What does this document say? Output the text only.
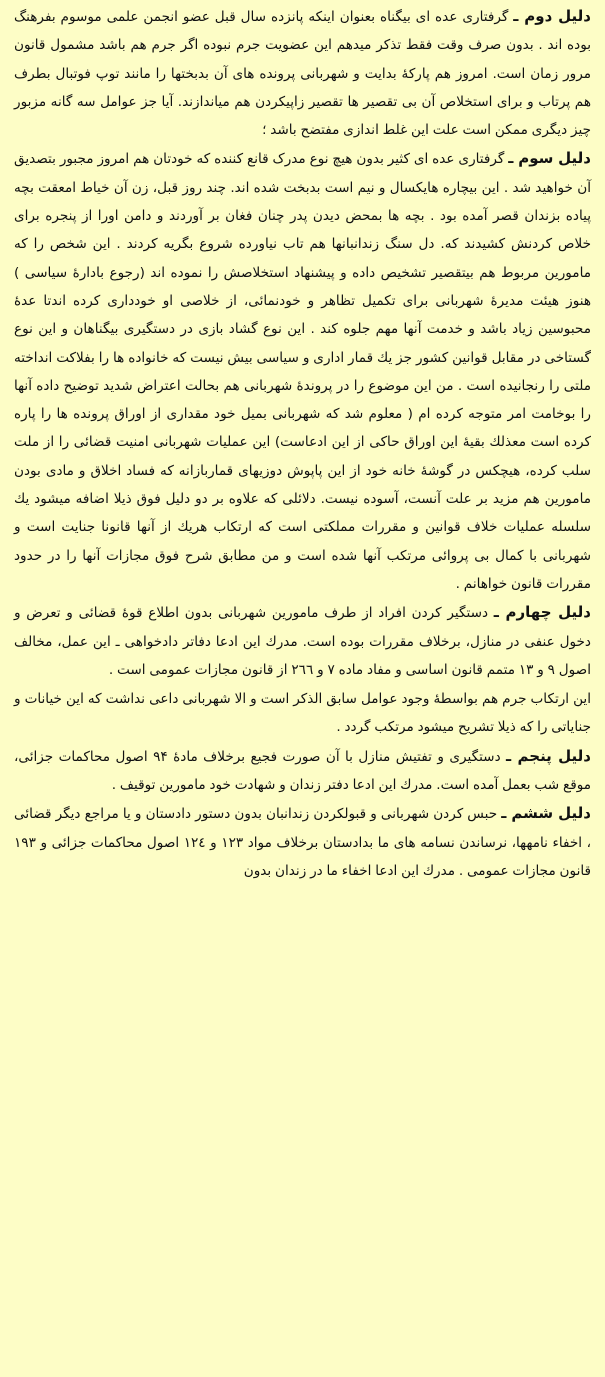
دلیل دوم ـ گرفتاری عده ای بیگناه بعنوان اینکه پانزده سال قبل عضو انجمن علمی موسوم بفرهنگ بوده اند . بدون صرف وقت فقط تذکر میدهم این عضویت جرم نبوده اگر جرم هم باشد مشمول قانون مرور زمان است. امروز هم پارکهٔ بدایت و شهربانی پرونده های آن بدبختها را مانند توپ فوتبال بطرف هم پرتاب و برای استخلاص آن بی تقصیر ها تقصیر زاپیکردن هم میاندازند. آیا جز عوامل سه گانه مزبور چیز دیگری ممکن است علت این غلط اندازی مفتضح باشد ؛

دلیل سوم ـ گرفتاری عده ای کثیر بدون هیچ نوع مدرک قانع کننده که خودتان هم امروز مجبور بتصدیق آن خواهید شد . این بیچاره هایکسال و نیم است بدبخت شده اند. چند روز قبل، زن آن خیاط امعقت بچه پیاده بزندان قصر آمده بود . بچه ها بمحض دیدن پدر چنان فغان بر آوردند و دامن اورا از پنجره برای خلاص کردنش کشیدند که. دل سنگ زندانبانها هم تاب نیاورده شروع بگریه کردند . این شخص را که مامورین مربوط هم بیتقصیر تشخیص داده و پیشنهاد استخلاصش را نموده اند (رجوع بادارهٔ سیاسی ) هنوز هیئت مدیرهٔ شهربانی برای تکمیل تظاهر و خودنمائی، از خلاصی او خودداری کرده اندتا عدهٔ محبوسین زیاد باشد و خدمت آنها مهم جلوه کند . این نوع گشاد بازی در دستگیری بیگناهان و این نوع گستاخی در مقابل قوانین کشور جز یك قمار اداری و سیاسی بیش نیست که خانواده ها را بفلاکت انداخته ملتی را رنجانیده است . من این موضوع را در پروندهٔ شهربانی هم بحالت اعتراض شدید توضیح داده آنها را بوخامت امر متوجه کرده ام ( معلوم شد که شهربانی بمیل خود مقداری از اوراق پرونده ها را پاره کرده است معذلك بقیهٔ این اوراق حاکی از این ادعاست) این عملیات شهربانی امنیت قضائی را از ملت سلب کرده، هیچکس در گوشهٔ خانه خود از این پاپوش دوزیهای قماربازانه که فساد اخلاق و مادی بودن مامورین هم مزید بر علت آنست، آسوده نیست. دلائلی که علاوه بر دو دلیل فوق ذیلا اضافه میشود یك سلسله عملیات خلاف قوانین و مقررات مملکتی است که ارتکاب هریك از آنها قانونا جنایت است و شهربانی با کمال بی پروائی مرتکب آنها شده است و من مطابق شرح فوق مجازات آنها را در حدود مقررات قانون خواهانم .

دلیل چهارم ـ دستگیر کردن افراد از طرف مامورین شهربانی بدون اطلاع قوهٔ قضائی و تعرض و دخول عنفی در منازل، برخلاف مقررات بوده است. مدرك این ادعا دفاتر دادخواهی ـ این عمل، مخالف اصول ۹ و ۱۳ متمم قانون اساسی و مفاد ماده ۷ و ۲٦٦ از قانون مجازات عمومی است .

این ارتکاب جرم هم بواسطهٔ وجود عوامل سابق الذکر است و الا شهربانی داعی نداشت که این خیانات و جنایاتی را که ذیلا تشریح میشود مرتکب گردد .

دلیل پنجم ـ دستگیری و تفتیش منازل با آن صورت فجیع برخلاف مادهٔ ۹۴ اصول محاکمات جزائی، موقع شب بعمل آمده است. مدرك این ادعا دفتر زندان و شهادت خود مامورین توقیف .

دلیل ششم ـ حبس کردن شهربانی و قبولکردن زندانبان بدون دستور دادستان و یا مراجع دیگر قضائی ، اخفاء نامهها، نرساندن نسامه های ما بدادستان برخلاف مواد ۱۲۳ و ۱۲٤ اصول محاکمات جزائی و ۱۹۳ قانون مجازات عمومی . مدرك این ادعا اخفاء ما در زندان بدون
